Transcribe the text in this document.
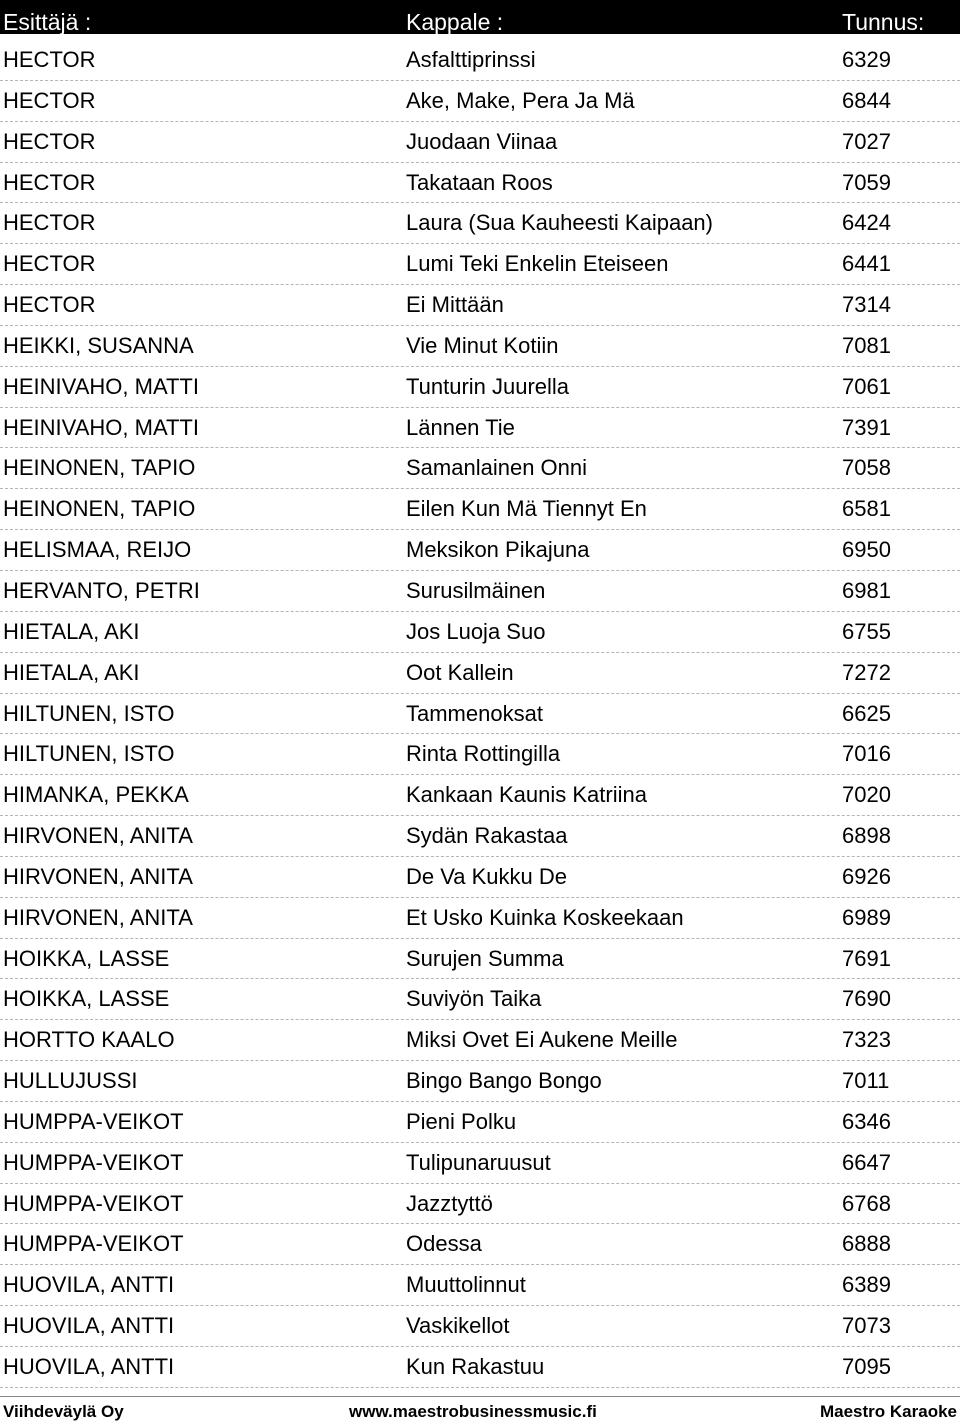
Esittäjä :	Kappale :	Tunnus:
HECTOR	Asfalttiprinssi	6329
HECTOR	Ake, Make, Pera Ja Mä	6844
HECTOR	Juodaan Viinaa	7027
HECTOR	Takataan Roos	7059
HECTOR	Laura (Sua Kauheesti Kaipaan)	6424
HECTOR	Lumi Teki Enkelin Eteiseen	6441
HECTOR	Ei Mittään	7314
HEIKKI, SUSANNA	Vie Minut Kotiin	7081
HEINIVAHO, MATTI	Tunturin Juurella	7061
HEINIVAHO, MATTI	Lännen Tie	7391
HEINONEN, TAPIO	Samanlainen Onni	7058
HEINONEN, TAPIO	Eilen Kun Mä Tiennyt En	6581
HELISMAA, REIJO	Meksikon Pikajuna	6950
HERVANTO, PETRI	Surusilmäinen	6981
HIETALA, AKI	Jos Luoja Suo	6755
HIETALA, AKI	Oot Kallein	7272
HILTUNEN, ISTO	Tammenoksat	6625
HILTUNEN, ISTO	Rinta Rottingilla	7016
HIMANKA, PEKKA	Kankaan Kaunis Katriina	7020
HIRVONEN, ANITA	Sydän Rakastaa	6898
HIRVONEN, ANITA	De Va Kukku De	6926
HIRVONEN, ANITA	Et Usko Kuinka Koskeekaan	6989
HOIKKA, LASSE	Surujen Summa	7691
HOIKKA, LASSE	Suviyön Taika	7690
HORTTO KAALO	Miksi Ovet Ei Aukene Meille	7323
HULLUJUSSI	Bingo Bango Bongo	7011
HUMPPA-VEIKOT	Pieni Polku	6346
HUMPPA-VEIKOT	Tulipunaruusut	6647
HUMPPA-VEIKOT	Jazztyttö	6768
HUMPPA-VEIKOT	Odessa	6888
HUOVILA, ANTTI	Muuttolinnut	6389
HUOVILA, ANTTI	Vaskikellot	7073
HUOVILA, ANTTI	Kun Rakastuu	7095
Viihdeväylä Oy	www.maestrobusinessmusic.fi	Maestro Karaoke
